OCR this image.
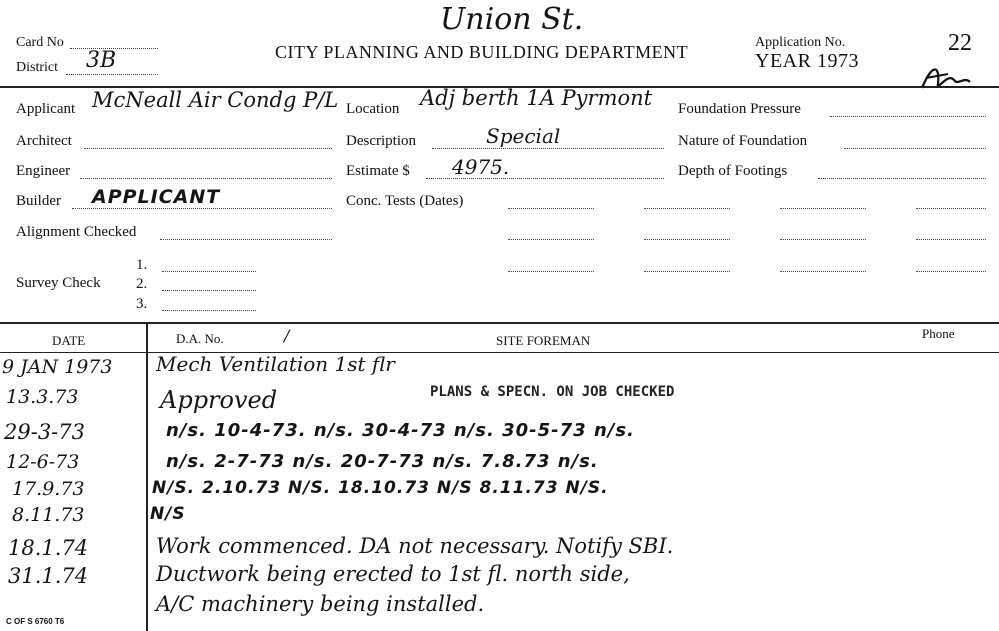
Union St.
Card No
District 3B	CITY PLANNING AND BUILDING DEPARTMENT	Application No.
YEAR 1973
22
Applicant McNeall Air Condg P/L
Architect
Engineer
Builder APPLICANT
Alignment Checked
Survey Check
1.
2.
3.
Location Adj berth 1A Pyrmont
Description	Special
Estimate $ 4975.
Conc. Tests (Dates)
Foundation Pressure
Nature of Foundation
Depth of Footings
DATE	D.A. No.	/	SITE FOREMAN	Phone
9 JAN 1973 Mech Ventilation 1st flr
13.3.73	Approved	PLANS & SPECN. ON JOB CHECKED
29-3-73	n/s. 10-4-73. n/s. 30-4-73 n/s. 30-5-73 n/s.
12-6-73	n/s. 2-7-73 n/s. 20-7-73 n/s. 7.8.73 n/s.
17.9.73	N/S. 2.10.73 N/S. 18.10.73 N/S 8.11.73 N/S.
8.11.73	N/S
18.1.74	Work commenced. DA not necessary. Notify SBI.
31.1.74	Ductwork being erected to 1st fl. north side,
A/C machinery being installed.
C OF S 6760 T6
